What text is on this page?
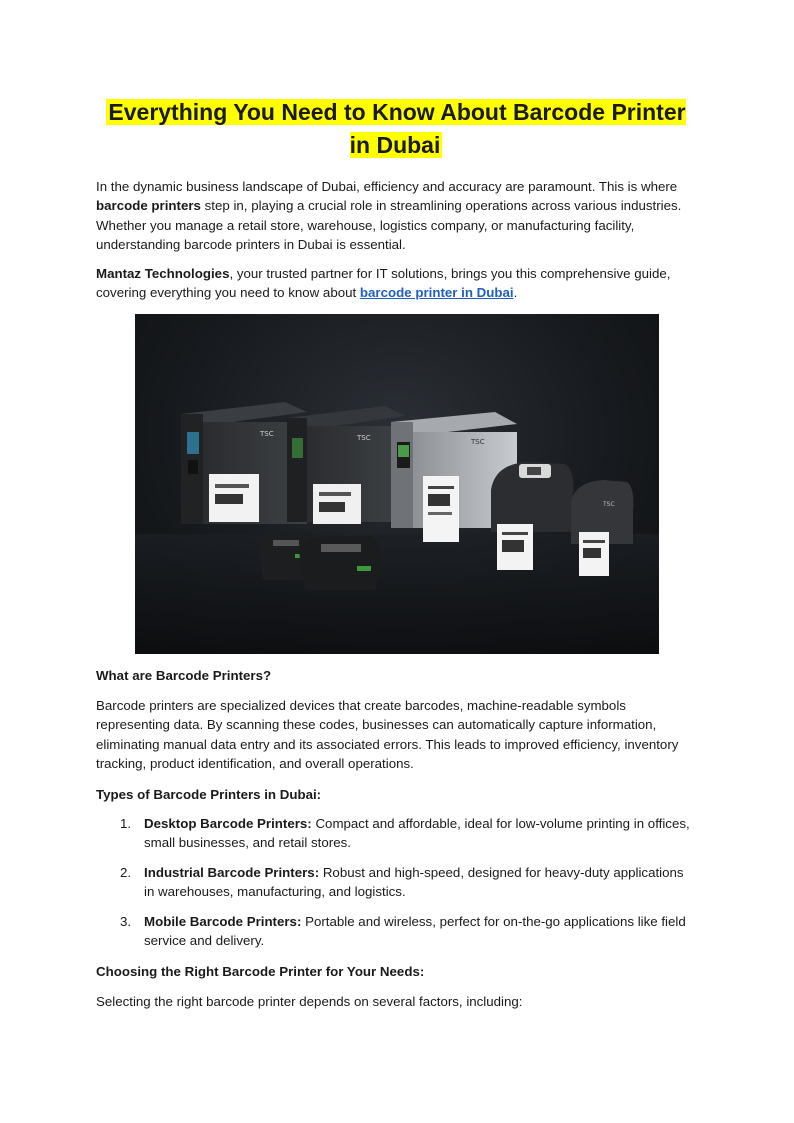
Everything You Need to Know About Barcode Printer in Dubai

In the dynamic business landscape of Dubai, efficiency and accuracy are paramount. This is where barcode printers step in, playing a crucial role in streamlining operations across various industries. Whether you manage a retail store, warehouse, logistics company, or manufacturing facility, understanding barcode printers in Dubai is essential.

Mantaz Technologies, your trusted partner for IT solutions, brings you this comprehensive guide, covering everything you need to know about barcode printer in Dubai.

TSC	TSC	TSC
TSC

What are Barcode Printers?

Barcode printers are specialized devices that create barcodes, machine-readable symbols representing data. By scanning these codes, businesses can automatically capture information, eliminating manual data entry and its associated errors. This leads to improved efficiency, inventory tracking, product identification, and overall operations.

Types of Barcode Printers in Dubai:

1. Desktop Barcode Printers: Compact and affordable, ideal for low-volume printing in offices, small businesses, and retail stores.
2. Industrial Barcode Printers: Robust and high-speed, designed for heavy-duty applications in warehouses, manufacturing, and logistics.
3. Mobile Barcode Printers: Portable and wireless, perfect for on-the-go applications like field service and delivery.

Choosing the Right Barcode Printer for Your Needs:

Selecting the right barcode printer depends on several factors, including:
